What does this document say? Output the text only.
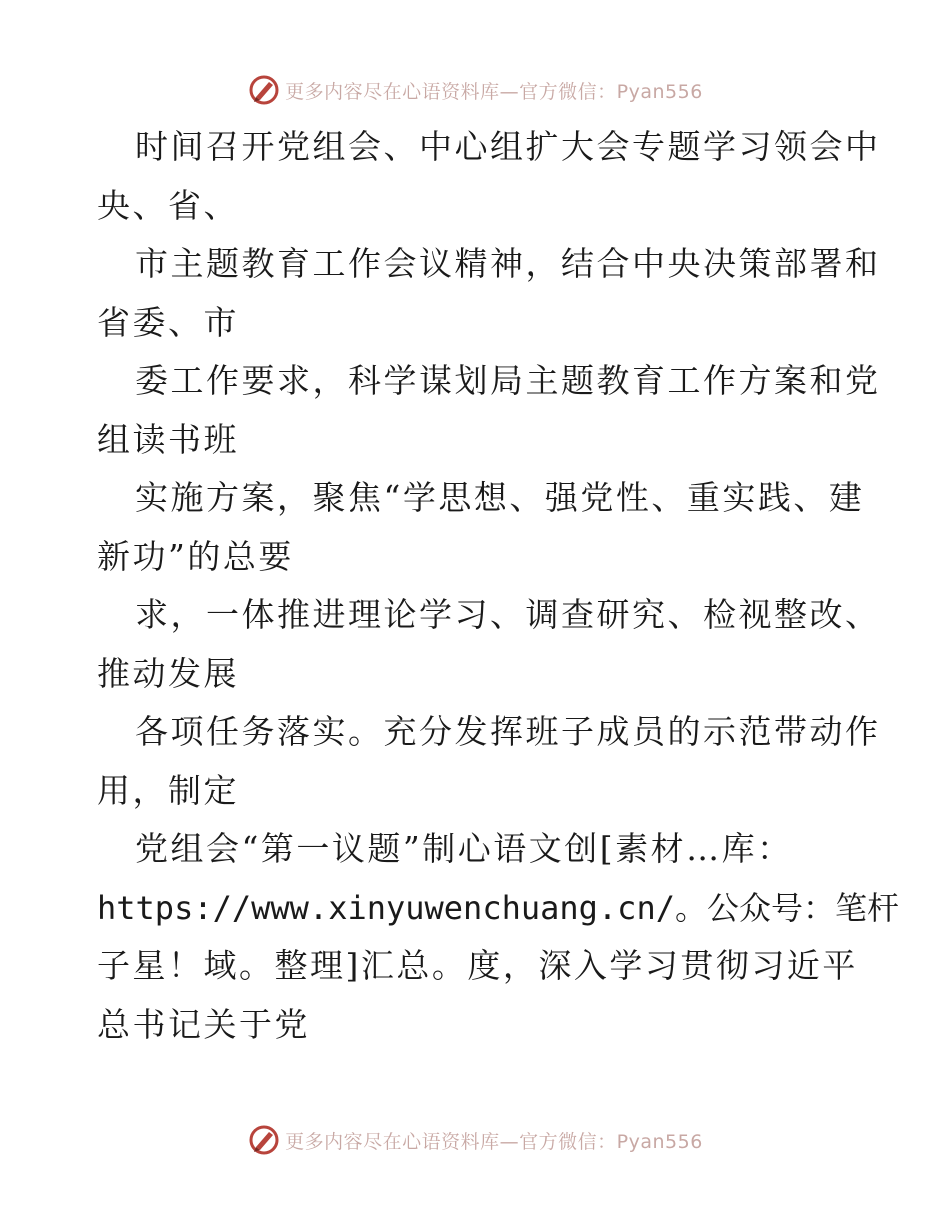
更多内容尽在心语资料库—官方微信：Pyan556
时间召开党组会、中心组扩大会专题学习领会中
央、省、
市主题教育工作会议精神，结合中央决策部署和
省委、市
委工作要求，科学谋划局主题教育工作方案和党
组读书班
实施方案，聚焦“学思想、强党性、重实践、建
新功”的总要
求，一体推进理论学习、调查研究、检视整改、
推动发展
各项任务落实。充分发挥班子成员的示范带动作
用，制定
党组会“第一议题”制心语文创[素材…库：
https://www.xinyuwenchuang.cn/。公众号：笔杆
子星！域。整理]汇总。度，深入学习贯彻习近平
总书记关于党
更多内容尽在心语资料库—官方微信：Pyan556
